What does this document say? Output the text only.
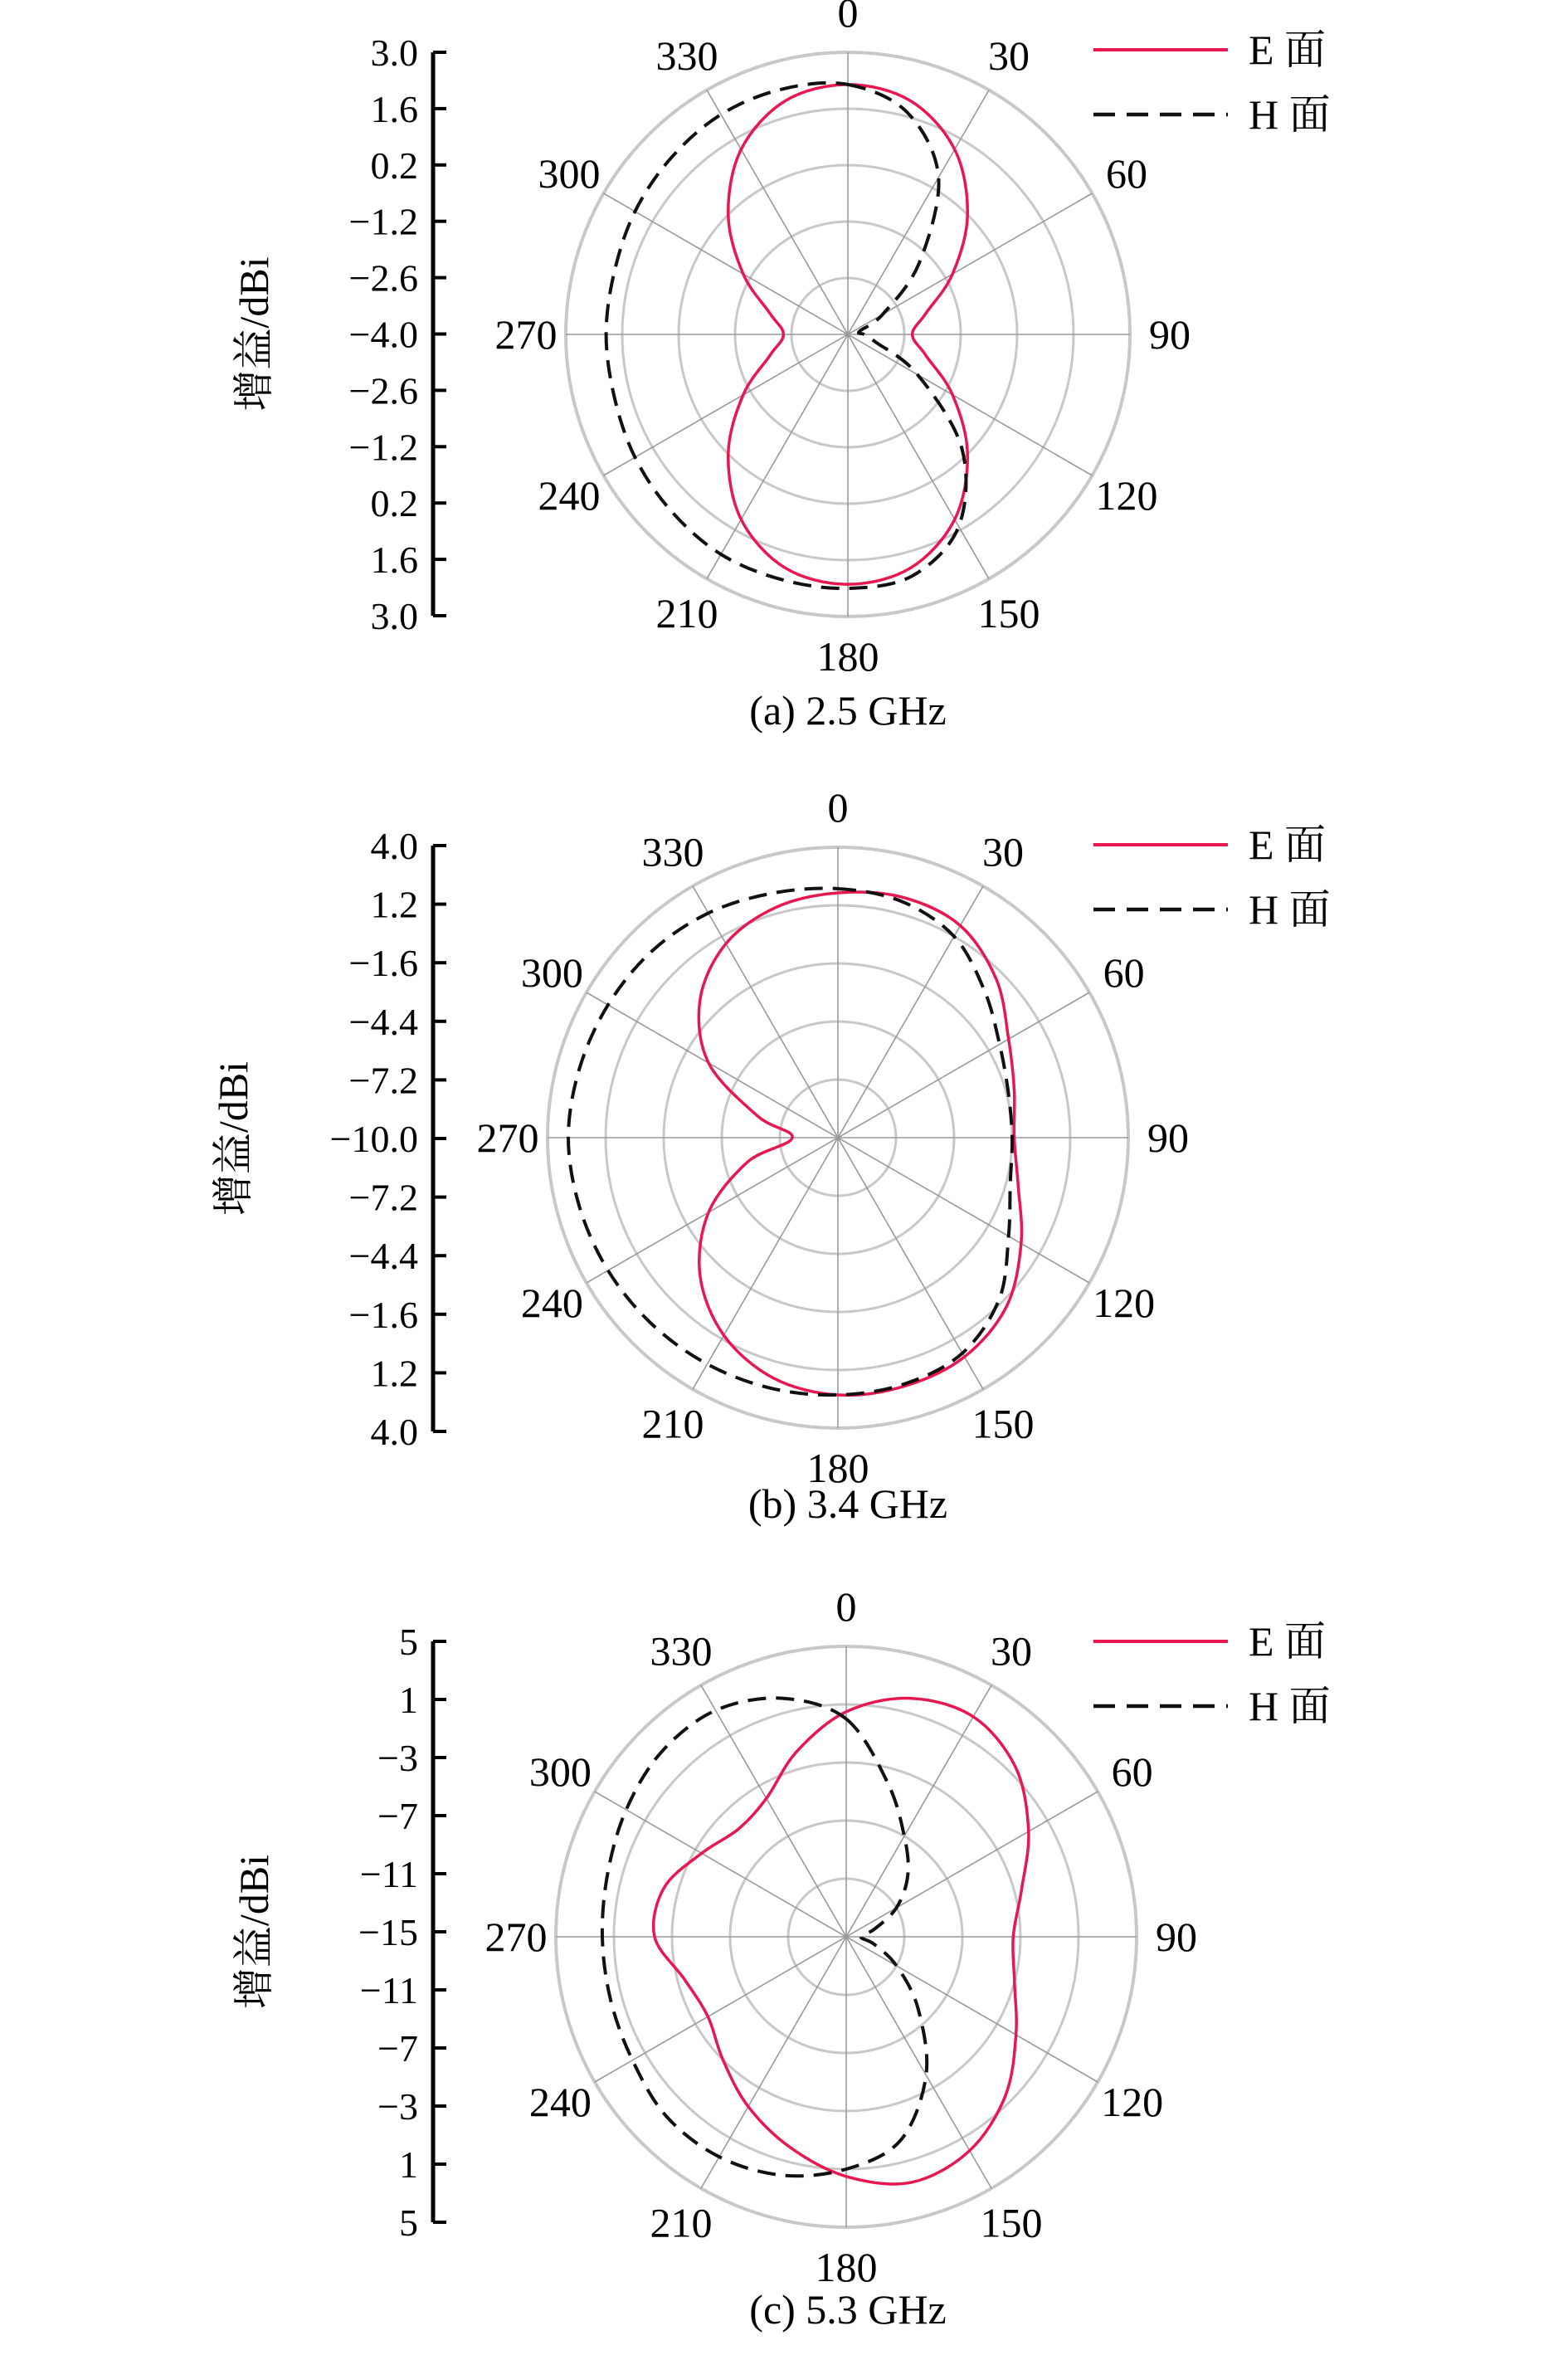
0
30
60
90
120
150
180
210
240
270
300
330
3.0
1.6
0.2
−1.2
−2.6
−4.0
−2.6
−1.2
0.2
1.6
3.0
增益/dBi
E 面
H 面
(a) 2.5 GHz
0
30
60
90
120
150
180
210
240
270
300
330
4.0
1.2
−1.6
−4.4
−7.2
−10.0
−7.2
−4.4
−1.6
1.2
4.0
增益/dBi
E 面
H 面
(b) 3.4 GHz
0
30
60
90
120
150
180
210
240
270
300
330
5
1
−3
−7
−11
−15
−11
−7
−3
1
5
增益/dBi
E 面
H 面
(c) 5.3 GHz
